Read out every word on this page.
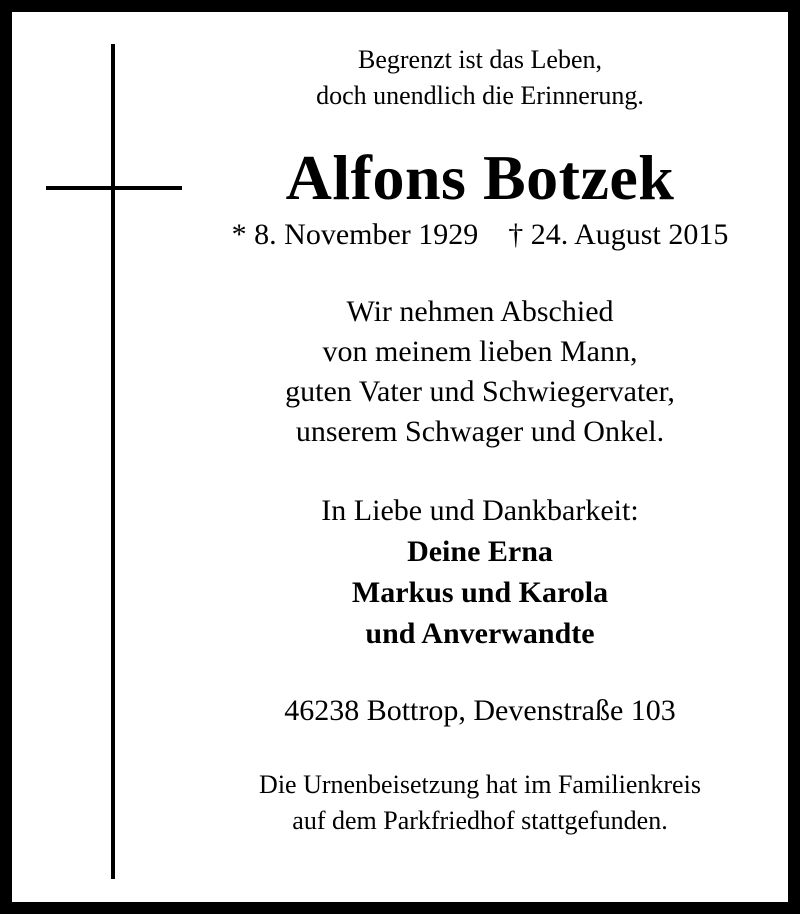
Begrenzt ist das Leben,
doch unendlich die Erinnerung.

Alfons Botzek

* 8. November 1929 † 24. August 2015

Wir nehmen Abschied
von meinem lieben Mann,
guten Vater und Schwiegervater,
unserem Schwager und Onkel.

In Liebe und Dankbarkeit:

Deine Erna
Markus und Karola
und Anverwandte

46238 Bottrop, Devenstraße 103

Die Urnenbeisetzung hat im Familienkreis
auf dem Parkfriedhof stattgefunden.
